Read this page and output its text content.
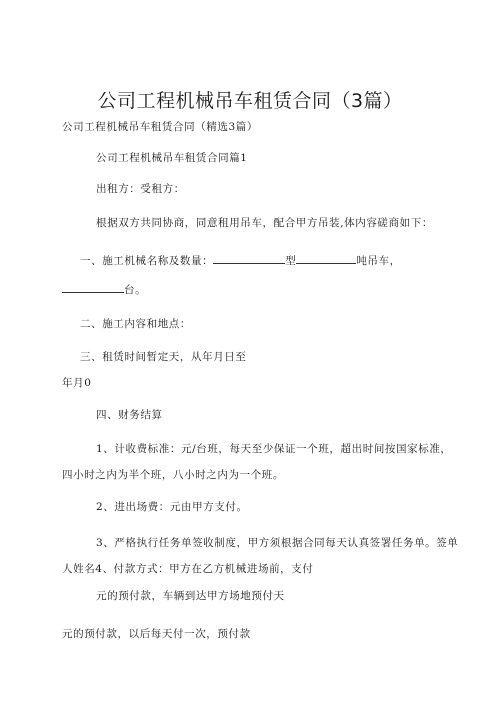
公司工程机械吊车租赁合同（3篇）
公司工程机械吊车租赁合同（精选3篇）
公司工程机械吊车租赁合同篇1
出租方：受租方：
根据双方共同协商，同意租用吊车，配合甲方吊装,体内容磋商如下：
一、施工机械名称及数量：	型	吨吊车，
台。
二、施工内容和地点：
三、租赁时间暂定天，从年月日至
年月0
四、财务结算
1、计收费标准：元/台班，每天至少保证一个班，超出时间按国家标准，
四小时之内为半个班，八小时之内为一个班。
2、进出场费：元由甲方支付。
3、严格执行任务单签收制度，甲方须根据合同每天认真签署任务单。签单
人姓名4、付款方式：甲方在乙方机械进场前，支付
元的预付款，车辆到达甲方场地预付天
元的预付款，以后每天付一次，预付款
